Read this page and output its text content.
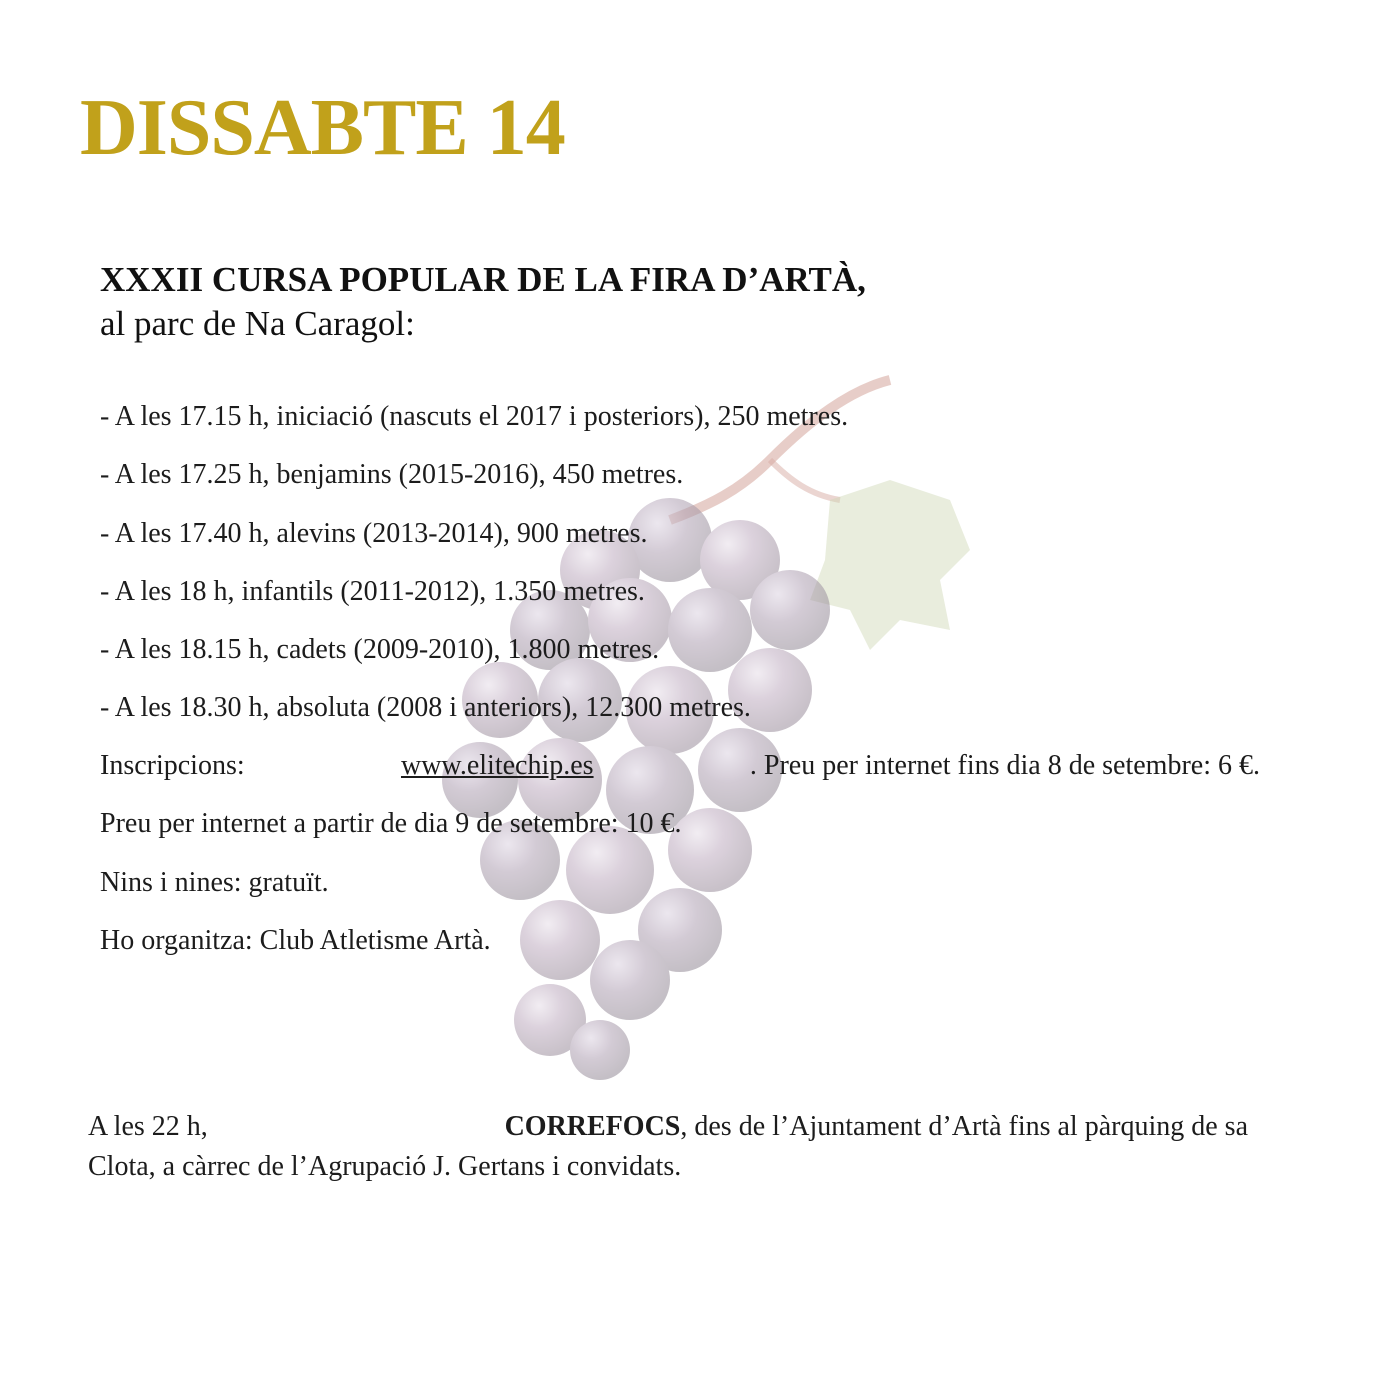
DISSABTE 14
XXXII CURSA POPULAR DE LA FIRA D’ARTÀ,
al parc de Na Caragol:
- A les 17.15 h, iniciació (nascuts el 2017 i posteriors), 250 metres.
- A les 17.25 h, benjamins (2015-2016), 450 metres.
- A les 17.40 h, alevins (2013-2014), 900 metres.
- A les 18 h, infantils (2011-2012), 1.350 metres.
- A les 18.15 h, cadets (2009-2010), 1.800 metres.
- A les 18.30 h, absoluta (2008 i anteriors), 12.300 metres.
Inscripcions:	www.elitechip.es	. Preu per internet fins dia 8 de setembre: 6 €.
Preu per internet a partir de dia 9 de setembre: 10 €.
Nins i nines: gratuït.
Ho organitza: Club Atletisme Artà.
A les 22 h,	CORREFOCS, des de l’Ajuntament d’Artà fins al pàrquing de sa
Clota, a càrrec de l’Agrupació J. Gertans i convidats.
